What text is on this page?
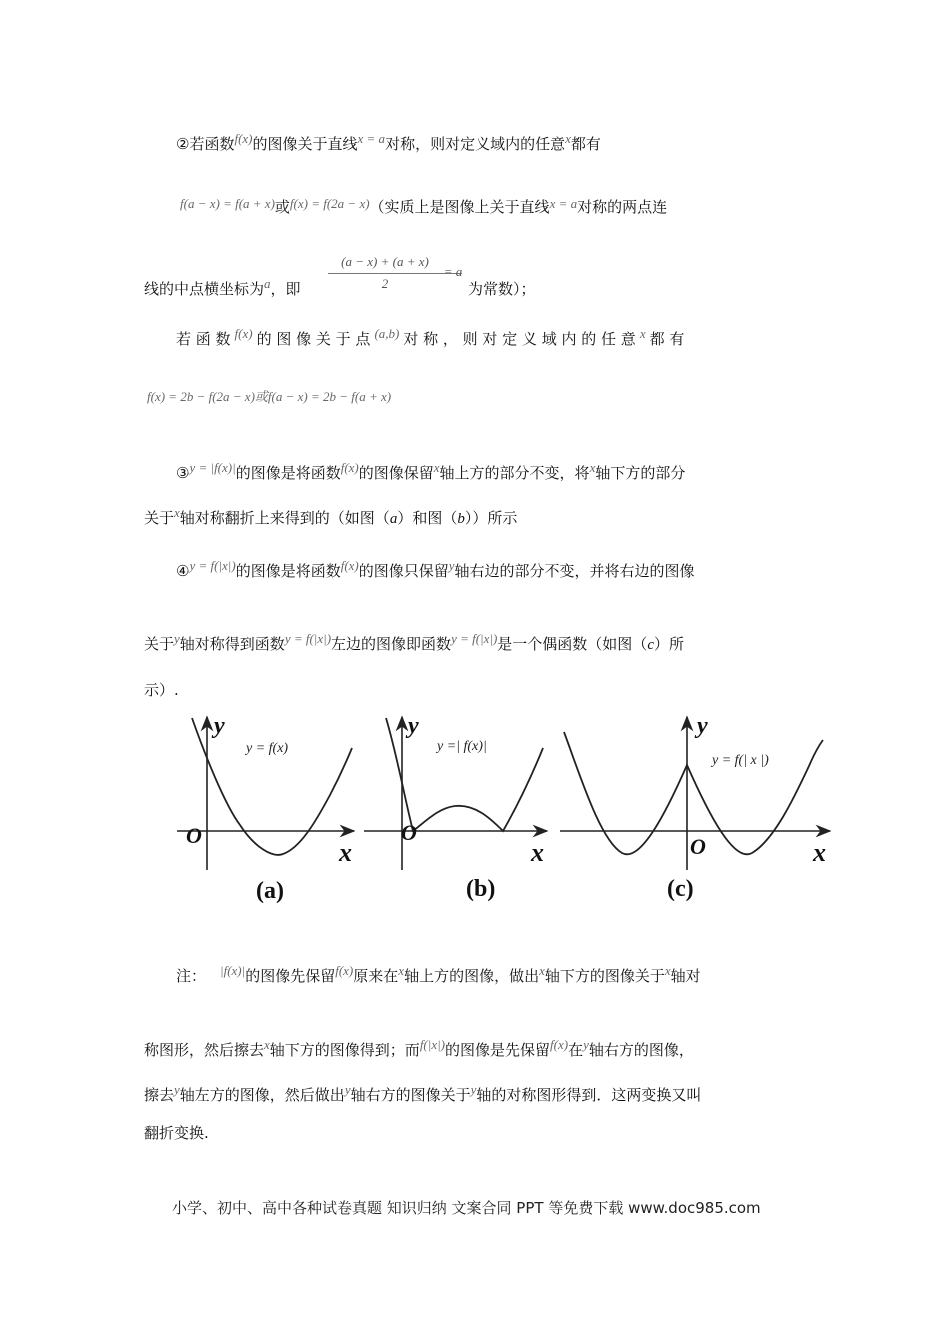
②若函数f(x)的图像关于直线x = a对称，则对定义域内的任意x都有
f(a − x) = f(a + x)或f(x) = f(2a − x)（实质上是图像上关于直线x = a对称的两点连
线的中点横坐标为a，即
(a − x) + (a + x)
2
= a
为常数）；
若 函 数 f(x) 的 图 像 关 于 点 (a,b) 对 称 ， 则 对 定 义 域 内 的 任 意 x 都 有
f(x) = 2b − f(2a − x)或f(a − x) = 2b − f(a + x)
③y = |f(x)|的图像是将函数f(x)的图像保留x轴上方的部分不变，将x轴下方的部分
关于x轴对称翻折上来得到的（如图（a）和图（b））所示
④y = f(|x|)的图像是将函数f(x)的图像只保留y轴右边的部分不变，并将右边的图像
关于y轴对称得到函数y = f(|x|)左边的图像即函数y = f(|x|)是一个偶函数（如图（c）所
示）.
y
x
O
y = f(x)
(a)
y
x
O
y =| f(x)|
(b)
y
x
O
y = f(| x |)
(c)
注： |f(x)|的图像先保留f(x)原来在x轴上方的图像，做出x轴下方的图像关于x轴对
称图形，然后擦去x轴下方的图像得到；而f(|x|)的图像是先保留f(x)在y轴右方的图像，
擦去y轴左方的图像，然后做出y轴右方的图像关于y轴的对称图形得到．这两变换又叫
翻折变换.
小学、初中、高中各种试卷真题 知识归纳 文案合同 PPT 等免费下载 www.doc985.com
